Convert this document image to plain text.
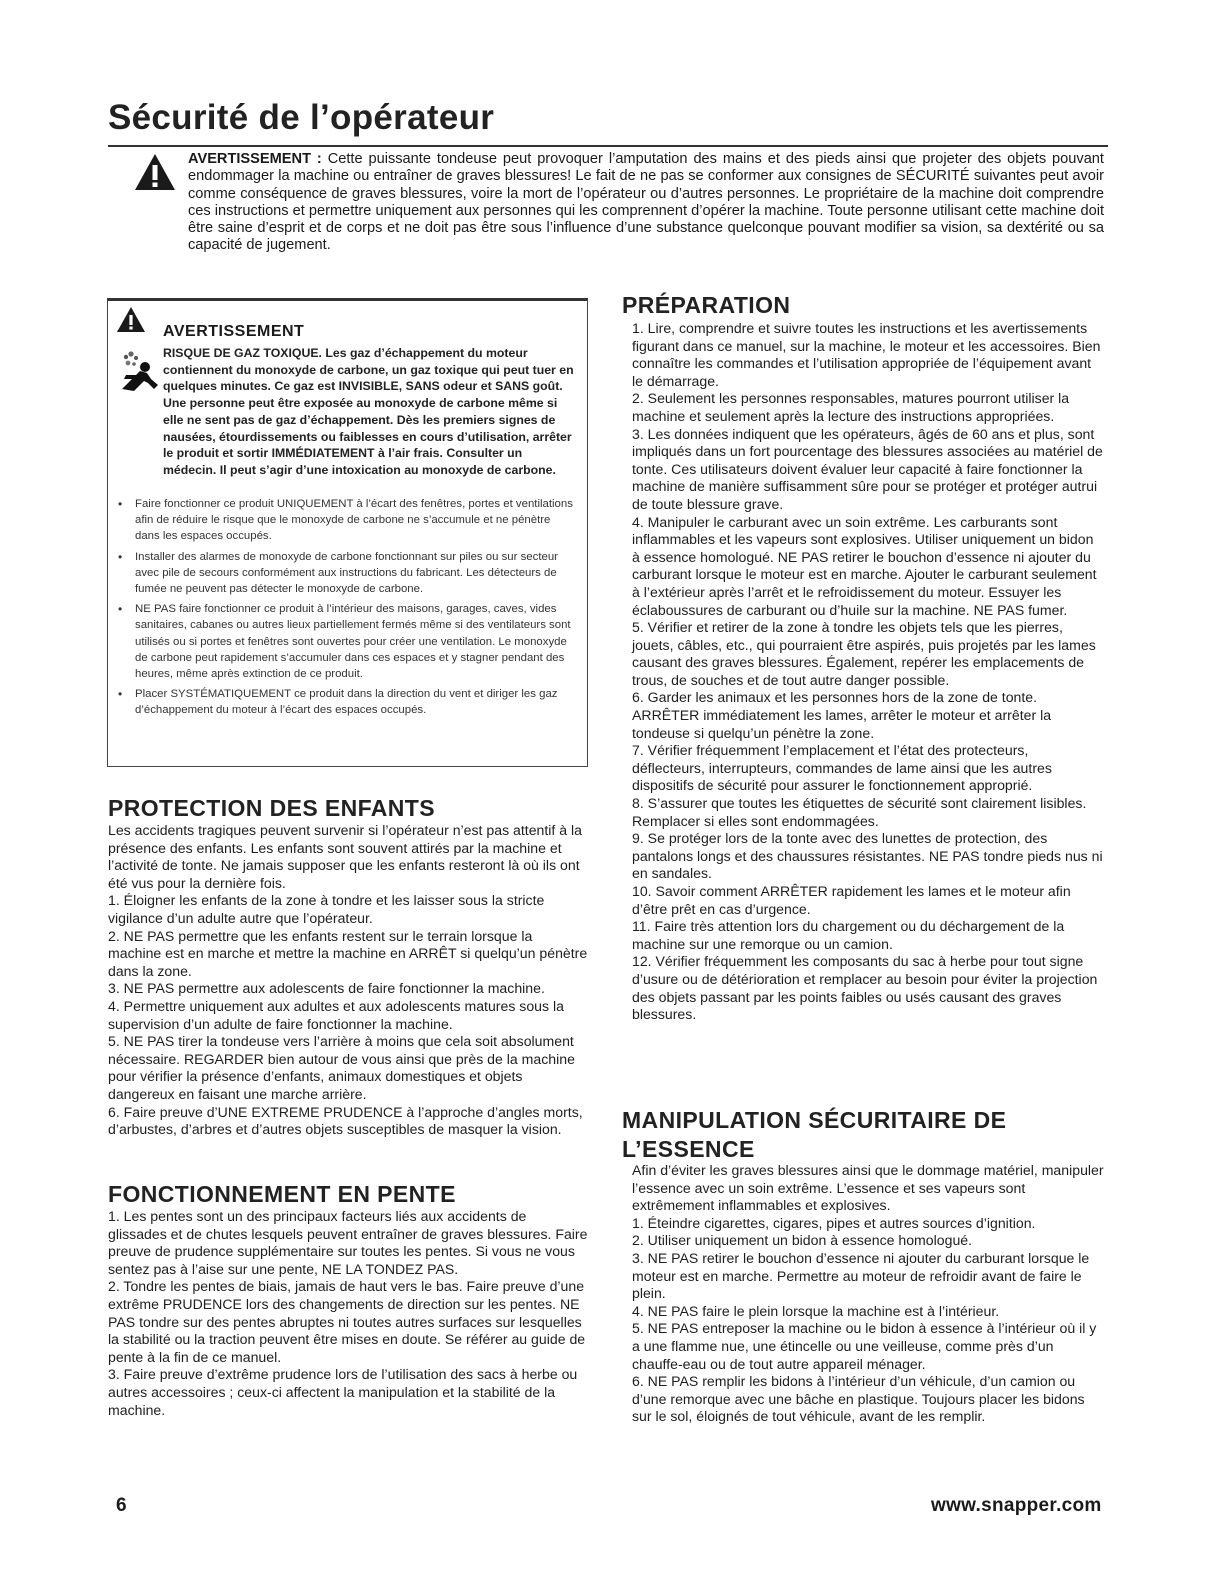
Sécurité de l’opérateur
AVERTISSEMENT : Cette puissante tondeuse peut provoquer l’amputation des mains et des pieds ainsi que projeter des objets pouvant endommager la machine ou entraîner de graves blessures! Le fait de ne pas se conformer aux consignes de SÉCURITÉ suivantes peut avoir comme conséquence de graves blessures, voire la mort de l’opérateur ou d’autres personnes. Le propriétaire de la machine doit comprendre ces instructions et permettre uniquement aux personnes qui les comprennent d’opérer la machine. Toute personne utilisant cette machine doit être saine d’esprit et de corps et ne doit pas être sous l’influence d’une substance quelconque pouvant modifier sa vision, sa dextérité ou sa capacité de jugement.
AVERTISSEMENT
RISQUE DE GAZ TOXIQUE. Les gaz d’échappement du moteur contiennent du monoxyde de carbone, un gaz toxique qui peut tuer en quelques minutes. Ce gaz est INVISIBLE, SANS odeur et SANS goût. Une personne peut être exposée au monoxyde de carbone même si elle ne sent pas de gaz d’échappement. Dès les premiers signes de nausées, étourdissements ou faiblesses en cours d’utilisation, arrêter le produit et sortir IMMÉDIATEMENT à l’air frais. Consulter un médecin. Il peut s’agir d’une intoxication au monoxyde de carbone.
• Faire fonctionner ce produit UNIQUEMENT à l’écart des fenêtres, portes et ventilations afin de réduire le risque que le monoxyde de carbone ne s’accumule et ne pénètre dans les espaces occupés.
• Installer des alarmes de monoxyde de carbone fonctionnant sur piles ou sur secteur avec pile de secours conformément aux instructions du fabricant. Les détecteurs de fumée ne peuvent pas détecter le monoxyde de carbone.
• NE PAS faire fonctionner ce produit à l’intérieur des maisons, garages, caves, vides sanitaires, cabanes ou autres lieux partiellement fermés même si des ventilateurs sont utilisés ou si portes et fenêtres sont ouvertes pour créer une ventilation. Le monoxyde de carbone peut rapidement s’accumuler dans ces espaces et y stagner pendant des heures, même après extinction de ce produit.
• Placer SYSTÉMATIQUEMENT ce produit dans la direction du vent et diriger les gaz d’échappement du moteur à l’écart des espaces occupés.
PROTECTION DES ENFANTS

Les accidents tragiques peuvent survenir si l’opérateur n’est pas attentif à la présence des enfants. Les enfants sont souvent attirés par la machine et l’activité de tonte. Ne jamais supposer que les enfants resteront là où ils ont été vus pour la dernière fois.

1. Éloigner les enfants de la zone à tondre et les laisser sous la stricte vigilance d’un adulte autre que l’opérateur.

2. NE PAS permettre que les enfants restent sur le terrain lorsque la machine est en marche et mettre la machine en ARRÊT si quelqu’un pénètre dans la zone.

3. NE PAS permettre aux adolescents de faire fonctionner la machine.

4. Permettre uniquement aux adultes et aux adolescents matures sous la supervision d’un adulte de faire fonctionner la machine.

5. NE PAS tirer la tondeuse vers l’arrière à moins que cela soit absolument nécessaire. REGARDER bien autour de vous ainsi que près de la machine pour vérifier la présence d’enfants, animaux domestiques et objets dangereux en faisant une marche arrière.

6. Faire preuve d’UNE EXTREME PRUDENCE à l’approche d’angles morts, d’arbustes, d’arbres et d’autres objets susceptibles de masquer la vision.

FONCTIONNEMENT EN PENTE

1. Les pentes sont un des principaux facteurs liés aux accidents de glissades et de chutes lesquels peuvent entraîner de graves blessures. Faire preuve de prudence supplémentaire sur toutes les pentes. Si vous ne vous sentez pas à l’aise sur une pente, NE LA TONDEZ PAS.

2. Tondre les pentes de biais, jamais de haut vers le bas. Faire preuve d’une extrême PRUDENCE lors des changements de direction sur les pentes. NE PAS tondre sur des pentes abruptes ni toutes autres surfaces sur lesquelles la stabilité ou la traction peuvent être mises en doute. Se référer au guide de pente à la fin de ce manuel.

3. Faire preuve d’extrême prudence lors de l’utilisation des sacs à herbe ou autres accessoires ; ceux-ci affectent la manipulation et la stabilité de la machine.

PRÉPARATION

1. Lire, comprendre et suivre toutes les instructions et les avertissements figurant dans ce manuel, sur la machine, le moteur et les accessoires. Bien connaître les commandes et l’utilisation appropriée de l’équipement avant le démarrage.

2. Seulement les personnes responsables, matures pourront utiliser la machine et seulement après la lecture des instructions appropriées.

3. Les données indiquent que les opérateurs, âgés de 60 ans et plus, sont impliqués dans un fort pourcentage des blessures associées au matériel de tonte. Ces utilisateurs doivent évaluer leur capacité à faire fonctionner la machine de manière suffisamment sûre pour se protéger et protéger autrui de toute blessure grave.

4. Manipuler le carburant avec un soin extrême. Les carburants sont inflammables et les vapeurs sont explosives. Utiliser uniquement un bidon à essence homologué. NE PAS retirer le bouchon d’essence ni ajouter du carburant lorsque le moteur est en marche. Ajouter le carburant seulement à l’extérieur après l’arrêt et le refroidissement du moteur. Essuyer les éclaboussures de carburant ou d’huile sur la machine. NE PAS fumer.

5. Vérifier et retirer de la zone à tondre les objets tels que les pierres, jouets, câbles, etc., qui pourraient être aspirés, puis projetés par les lames causant des graves blessures. Également, repérer les emplacements de trous, de souches et de tout autre danger possible.

6. Garder les animaux et les personnes hors de la zone de tonte. ARRÊTER immédiatement les lames, arrêter le moteur et arrêter la tondeuse si quelqu’un pénètre la zone.

7. Vérifier fréquemment l’emplacement et l’état des protecteurs, déflecteurs, interrupteurs, commandes de lame ainsi que les autres dispositifs de sécurité pour assurer le fonctionnement approprié.

8. S’assurer que toutes les étiquettes de sécurité sont clairement lisibles. Remplacer si elles sont endommagées.

9. Se protéger lors de la tonte avec des lunettes de protection, des pantalons longs et des chaussures résistantes. NE PAS tondre pieds nus ni en sandales.

10. Savoir comment ARRÊTER rapidement les lames et le moteur afin d’être prêt en cas d’urgence.

11. Faire très attention lors du chargement ou du déchargement de la machine sur une remorque ou un camion.

12. Vérifier fréquemment les composants du sac à herbe pour tout signe d’usure ou de détérioration et remplacer au besoin pour éviter la projection des objets passant par les points faibles ou usés causant des graves blessures.

MANIPULATION SÉCURITAIRE DE
L’ESSENCE

Afin d’éviter les graves blessures ainsi que le dommage matériel, manipuler l’essence avec un soin extrême. L’essence et ses vapeurs sont extrêmement inflammables et explosives.

1. Éteindre cigarettes, cigares, pipes et autres sources d’ignition.

2. Utiliser uniquement un bidon à essence homologué.

3. NE PAS retirer le bouchon d’essence ni ajouter du carburant lorsque le moteur est en marche. Permettre au moteur de refroidir avant de faire le plein.

4. NE PAS faire le plein lorsque la machine est à l’intérieur.

5. NE PAS entreposer la machine ou le bidon à essence à l’intérieur où il y a une flamme nue, une étincelle ou une veilleuse, comme près d’un chauffe-eau ou de tout autre appareil ménager.

6. NE PAS remplir les bidons à l’intérieur d’un véhicule, d’un camion ou d’une remorque avec une bâche en plastique. Toujours placer les bidons sur le sol, éloignés de tout véhicule, avant de les remplir.

6	www.snapper.com
